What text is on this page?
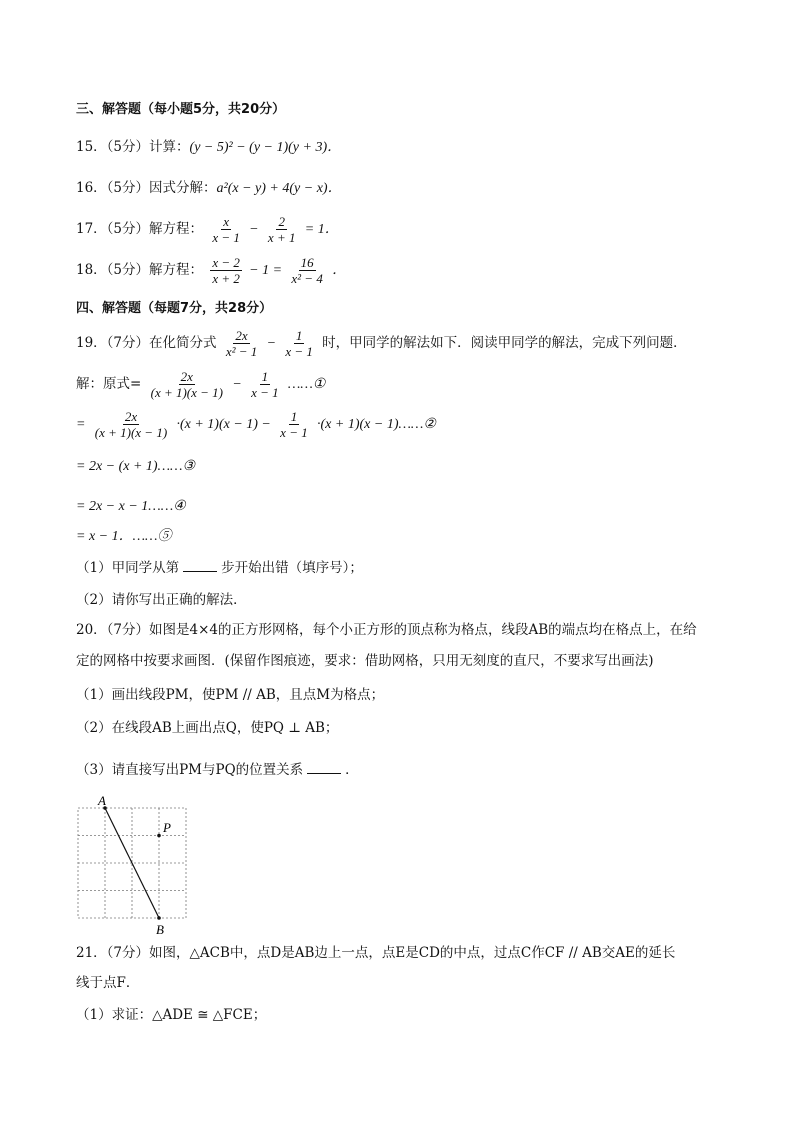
三、解答题（每小题5分，共20分）
15．（5分）计算：(y − 5)² − (y − 1)(y + 3)．
16．（5分）因式分解：a²(x − y) + 4(y − x)．
17．（5分）解方程： $\frac{x}{x - 1} - \frac{2}{x + 1} = 1$．
18．（5分）解方程： $\frac{x - 2}{x + 2} - 1 = \frac{16}{\text{x² − 4}}$ ．
四、解答题（每题7分，共28分）
19．（7分）在化简分式 $\frac{2x}{\text{x² − 1}} - \frac{1}{x - 1}$ 时，甲同学的解法如下．阅读甲同学的解法，完成下列问题．
解：原式= $\frac{2x}{(x + 1)(x - 1)} - \frac{1}{x - 1}$ ……①
= $\frac{2x}{(x + 1)(x - 1)} \cdot(x + 1)(x - 1) - \frac{1}{x - 1} \cdot(x + 1)(x$ − 1)……②
= 2x − (x + 1)……③
= 2x − x − 1……④
= x − 1．……⑤
（1）甲同学从第	步开始出错（填序号）；
（2）请你写出正确的解法．
20．（7分）如图是4×4的正方形网格，每个小正方形的顶点称为格点，线段AB的端点均在格点上，在给
定的网格中按要求画图．(保留作图痕迹，要求：借助网格，只用无刻度的直尺，不要求写出画法)
（1）画出线段PM，使PM // AB，且点M为格点；
（2）在线段AB上画出点Q，使PQ ⊥ AB；
（3）请直接写出PM与PQ的位置关系	．
A
B
P
21．（7分）如图，△ACB中，点D是AB边上一点，点E是CD的中点，过点C作CF // AB交AE的延长
线于点F．
（1）求证：△ADE ≅ △FCE；
